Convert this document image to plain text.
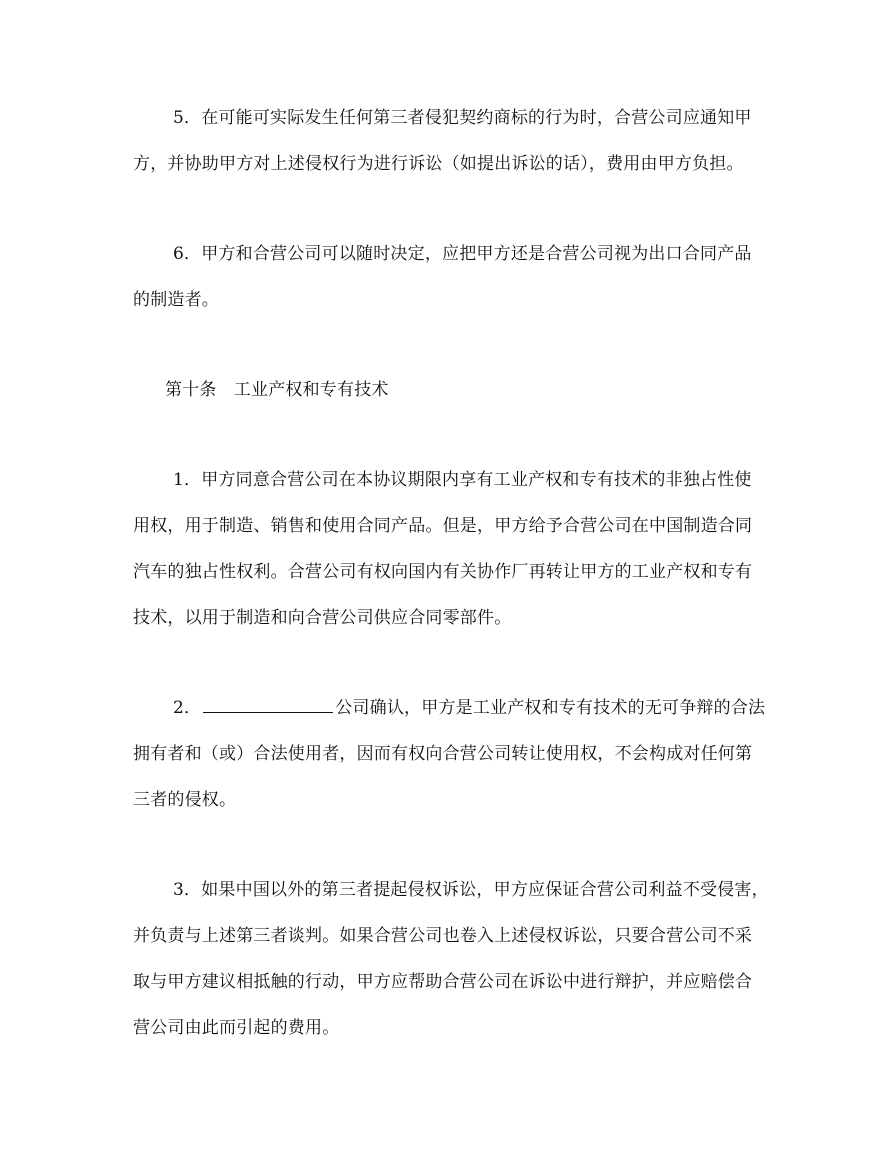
5．在可能可实际发生任何第三者侵犯契约商标的行为时，合营公司应通知甲
方，并协助甲方对上述侵权行为进行诉讼（如提出诉讼的话），费用由甲方负担。
6．甲方和合营公司可以随时决定，应把甲方还是合营公司视为出口合同产品
的制造者。
第十条　工业产权和专有技术
1．甲方同意合营公司在本协议期限内享有工业产权和专有技术的非独占性使
用权，用于制造、销售和使用合同产品。但是，甲方给予合营公司在中国制造合同
汽车的独占性权利。合营公司有权向国内有关协作厂再转让甲方的工业产权和专有
技术，以用于制造和向合营公司供应合同零部件。
2．	公司确认，甲方是工业产权和专有技术的无可争辩的合法
拥有者和（或）合法使用者，因而有权向合营公司转让使用权，不会构成对任何第
三者的侵权。
3．如果中国以外的第三者提起侵权诉讼，甲方应保证合营公司利益不受侵害，
并负责与上述第三者谈判。如果合营公司也卷入上述侵权诉讼，只要合营公司不采
取与甲方建议相抵触的行动，甲方应帮助合营公司在诉讼中进行辩护，并应赔偿合
营公司由此而引起的费用。
